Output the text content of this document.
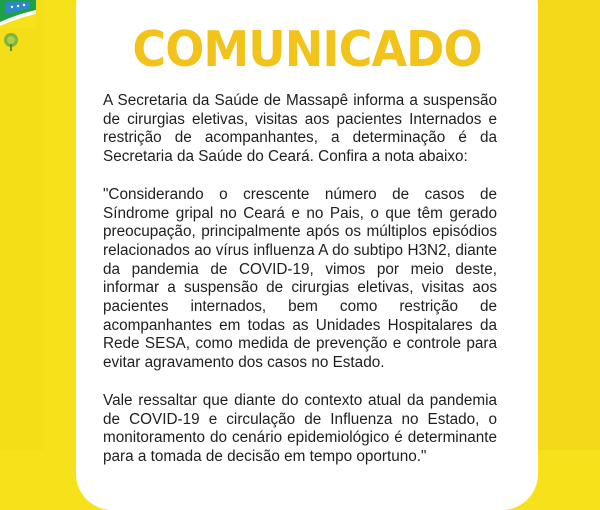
COMUNICADO

A Secretaria da Saúde de Massapê informa a suspensão de cirurgias eletivas, visitas aos pacientes Internados e restrição de acompanhantes, a determinação é da Secretaria da Saúde do Ceará. Confira a nota abaixo:

"Considerando o crescente número de casos de Síndrome gripal no Ceará e no Pais, o que têm gerado preocupação, principalmente após os múltiplos episódios relacionados ao vírus influenza A do subtipo H3N2, diante da pandemia de COVID-19, vimos por meio deste, informar a suspensão de cirurgias eletivas, visitas aos pacientes internados, bem como restrição de acompanhantes em todas as Unidades Hospitalares da Rede SESA, como medida de prevenção e controle para evitar agravamento dos casos no Estado.

Vale ressaltar que diante do contexto atual da pandemia de COVID-19 e circulação de Influenza no Estado, o monitoramento do cenário epidemiológico é determinante para a tomada de decisão em tempo oportuno."
